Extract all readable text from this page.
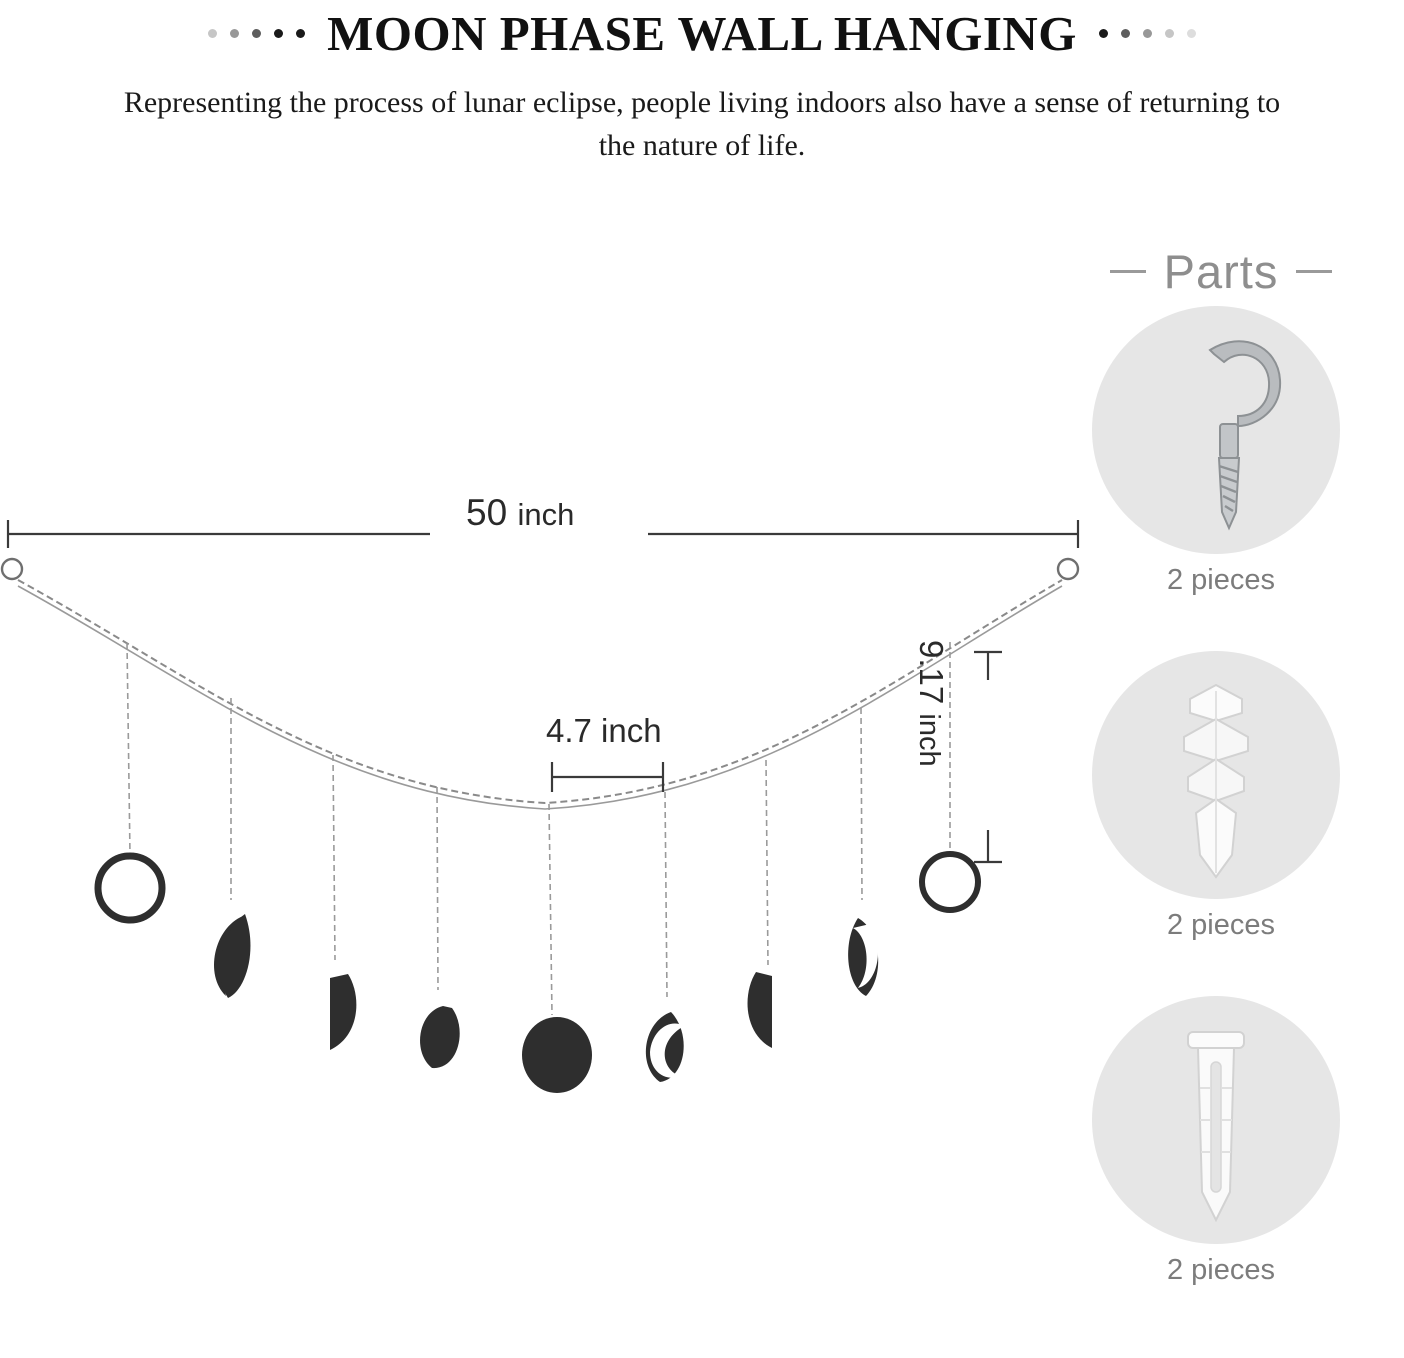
MOON PHASE WALL HANGING
Representing the process of lunar eclipse, people living indoors also have a sense of returning to the nature of life.
50 inch
4.7 inch
9.17 inch
Parts
2 pieces
2 pieces
2 pieces
